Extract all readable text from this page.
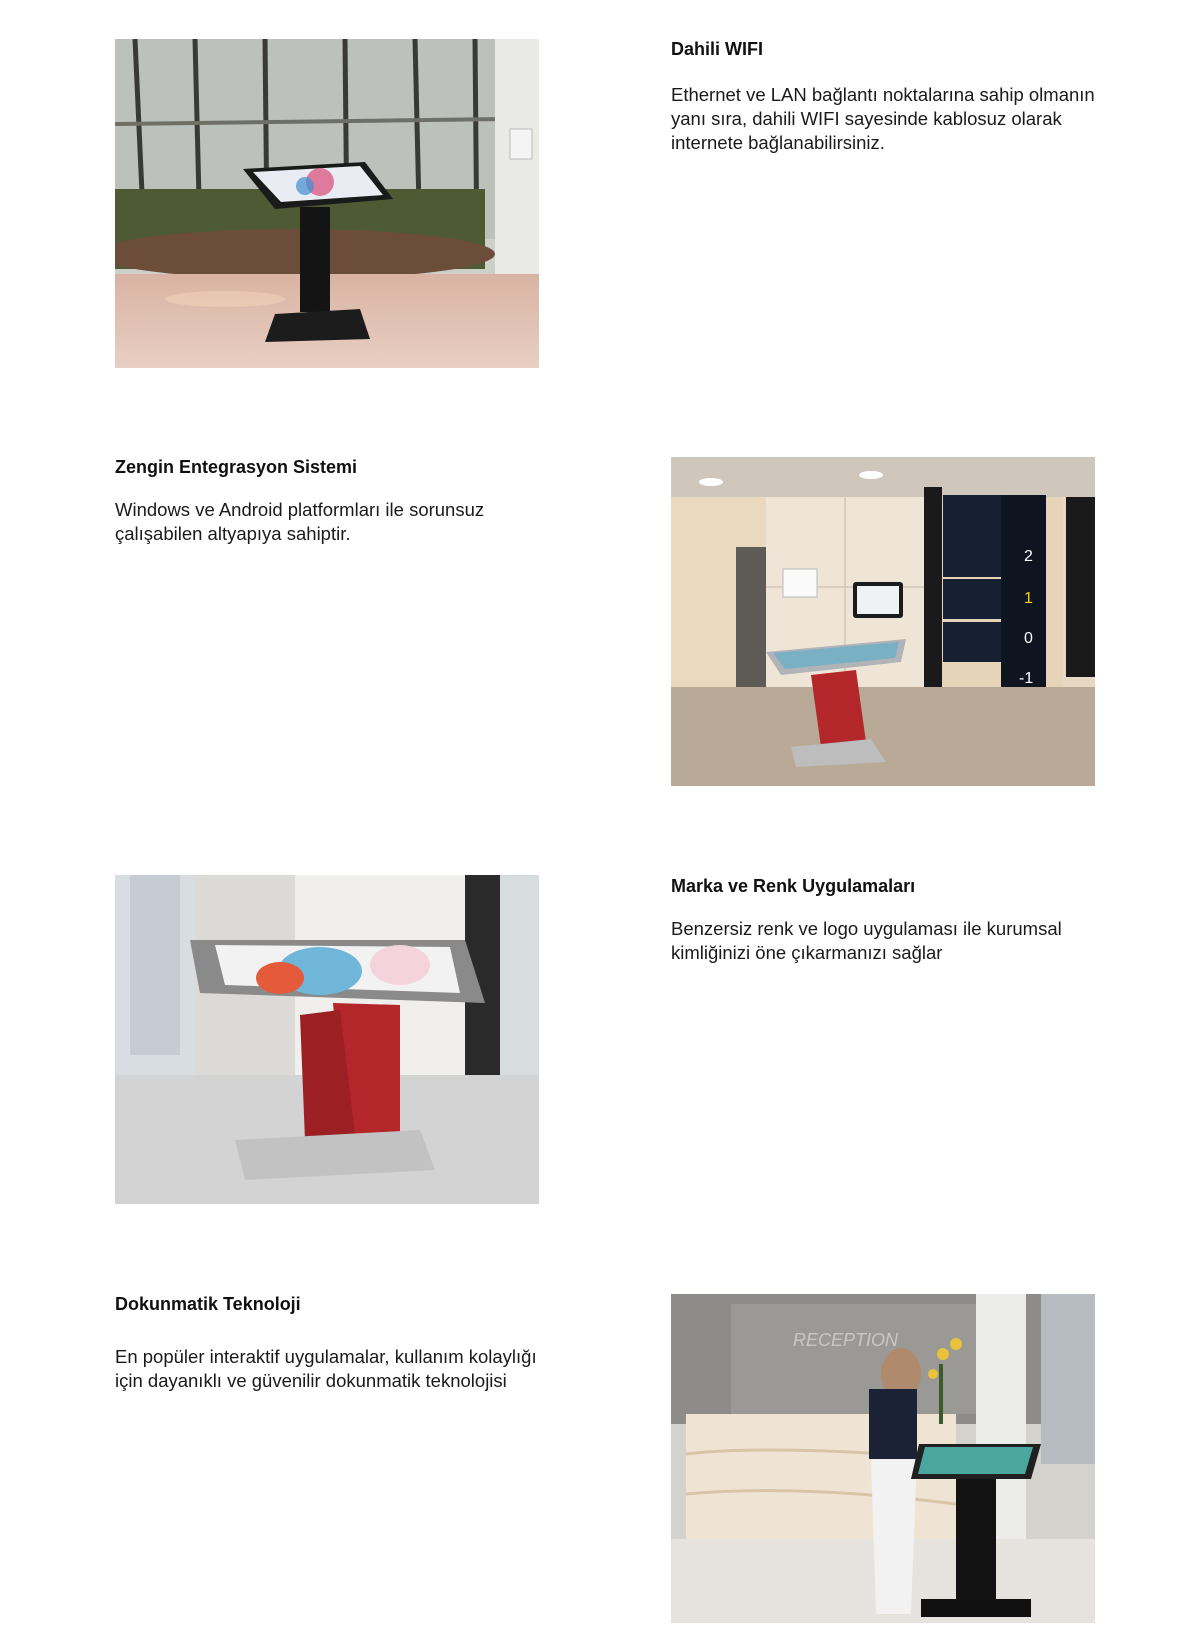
Dahili WIFI

Ethernet ve LAN bağlantı noktalarına sahip olmanın yanı sıra, dahili WIFI sayesinde kablosuz olarak internete bağlanabilirsiniz.

Zengin Entegrasyon Sistemi

Windows ve Android platformları ile sorunsuz çalışabilen altyapıya sahiptir.

2
1
0
-1
Marka ve Renk Uygulamaları

Benzersiz renk ve logo uygulaması ile kurumsal kimliğinizi öne çıkarmanızı sağlar

Dokunmatik Teknoloji

En popüler interaktif uygulamalar, kullanım kolaylığı için dayanıklı ve güvenilir dokunmatik teknolojisi

RECEPTION
